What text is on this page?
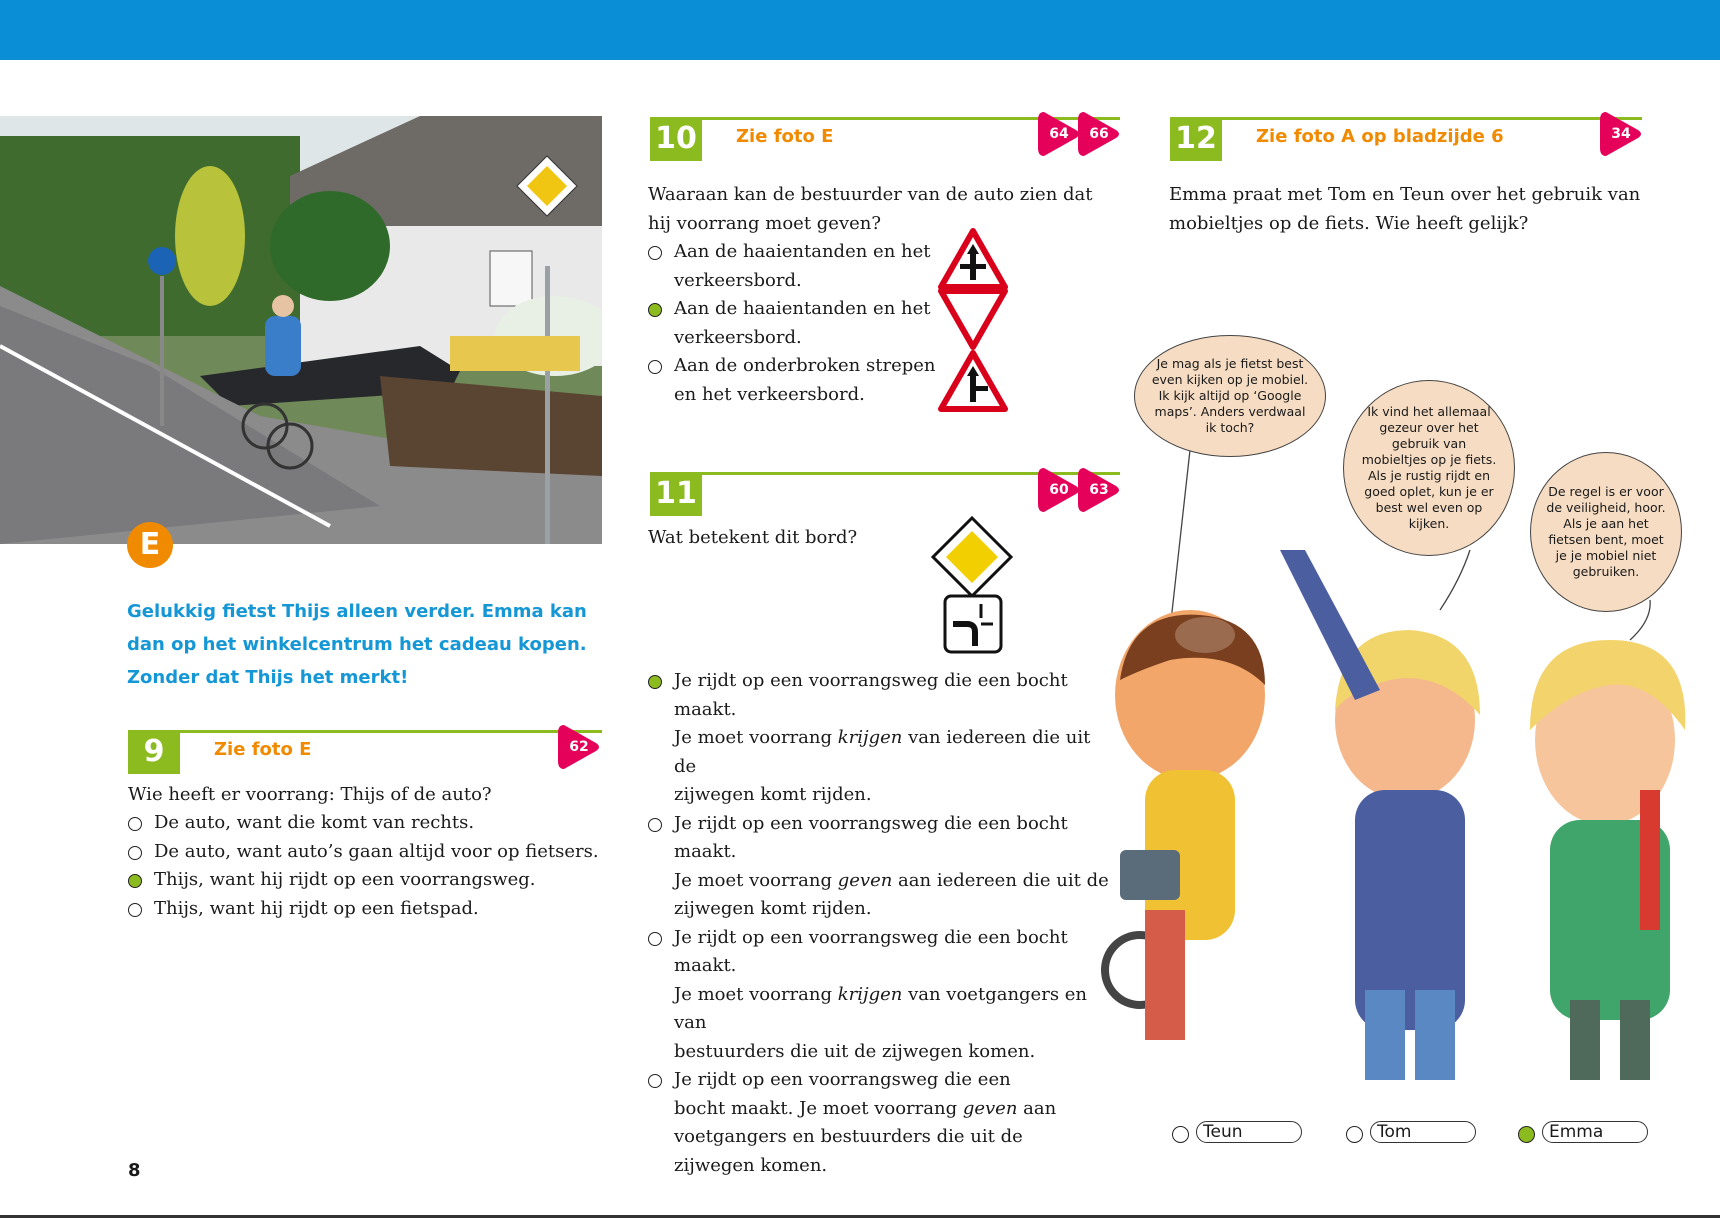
E
Gelukkig fietst Thijs alleen verder. Emma kan dan op het winkelcentrum het cadeau kopen. Zonder dat Thijs het merkt!
9	Zie foto E	62
Wie heeft er voorrang: Thijs of de auto?
De auto, want die komt van rechts.
De auto, want auto’s gaan altijd voor op fietsers.
Thijs, want hij rijdt op een voorrangsweg.
Thijs, want hij rijdt op een fietspad.
10 Zie foto E	64	66
Waaraan kan de bestuurder van de auto zien dat hij voorrang moet geven?
Aan de haaientanden en het
verkeersbord.
Aan de haaientanden en het
verkeersbord.
Aan de onderbroken strepen
en het verkeersbord.
11	60	63
Wat betekent dit bord?
Je rijdt op een voorrangsweg die een bocht maakt.
Je moet voorrang krijgen van iedereen die uit de
zijwegen komt rijden.
Je rijdt op een voorrangsweg die een bocht maakt.
Je moet voorrang geven aan iedereen die uit de
zijwegen komt rijden.
Je rijdt op een voorrangsweg die een bocht maakt.
Je moet voorrang krijgen van voetgangers en van
bestuurders die uit de zijwegen komen.
Je rijdt op een voorrangsweg die een
bocht maakt. Je moet voorrang geven aan
voetgangers en bestuurders die uit de
zijwegen komen.
12 Zie foto A op bladzijde 6	34
Emma praat met Tom en Teun over het gebruik van mobieltjes op de fiets. Wie heeft gelijk?
Je mag als je fietst best even kijken op je mobiel. Ik kijk altijd op ‘Google maps’. Anders verdwaal ik toch?
Ik vind het allemaal gezeur over het gebruik van mobieltjes op je fiets. Als je rustig rijdt en goed oplet, kun je er best wel even op kijken.
De regel is er voor de veiligheid, hoor. Als je aan het fietsen bent, moet je je mobiel niet gebruiken.
Teun	Tom	Emma
8
